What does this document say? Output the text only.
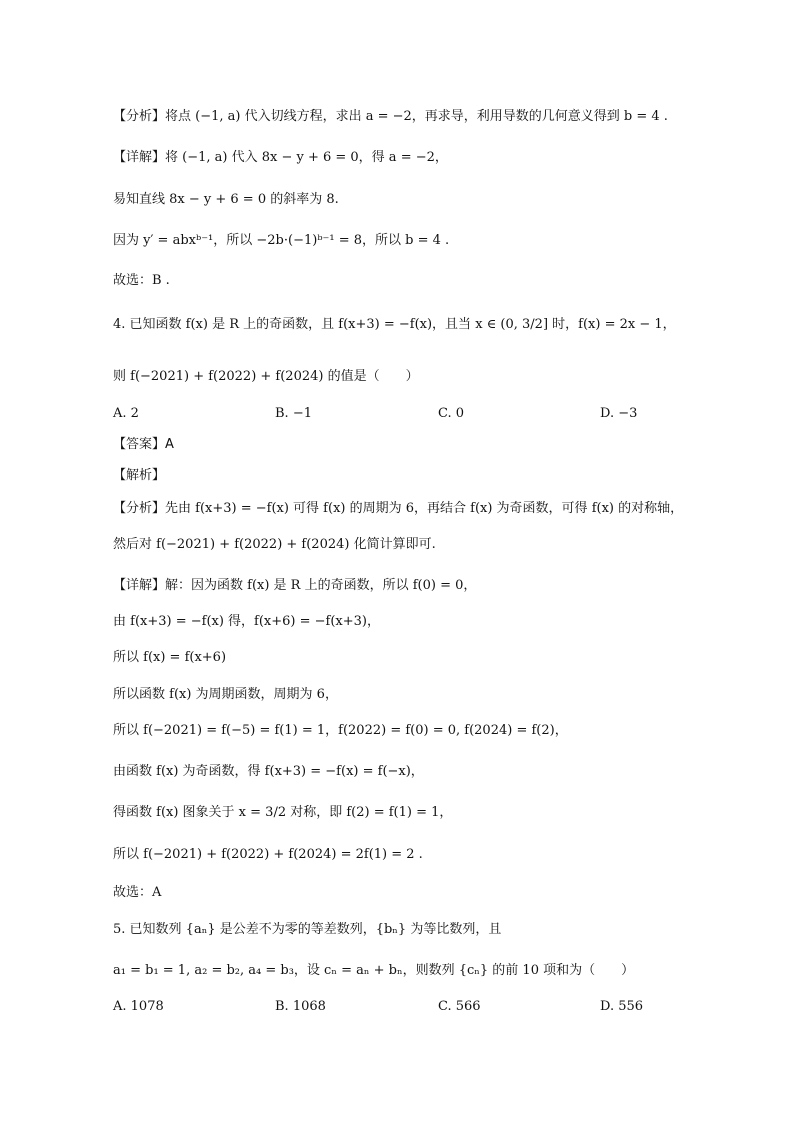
【分析】将点 (−1, a) 代入切线方程，求出 a = −2，再求导，利用导数的几何意义得到 b = 4 .
【详解】将 (−1, a) 代入 8x − y + 6 = 0，得 a = −2，
易知直线 8x − y + 6 = 0 的斜率为 8.
因为 y′ = abxᵇ⁻¹，所以 −2b·(−1)ᵇ⁻¹ = 8，所以 b = 4 .
故选：B .
4. 已知函数 f(x) 是 R 上的奇函数，且 f(x+3) = −f(x)，且当 x ∈ (0, 3/2] 时，f(x) = 2x − 1，
则 f(−2021) + f(2022) + f(2024) 的值是（　　）
A. 2	B. −1	C. 0	D. −3
【答案】A
【解析】
【分析】先由 f(x+3) = −f(x) 可得 f(x) 的周期为 6，再结合 f(x) 为奇函数，可得 f(x) 的对称轴，
然后对 f(−2021) + f(2022) + f(2024) 化简计算即可.
【详解】解：因为函数 f(x) 是 R 上的奇函数，所以 f(0) = 0，
由 f(x+3) = −f(x) 得，f(x+6) = −f(x+3)，
所以 f(x) = f(x+6)
所以函数 f(x) 为周期函数，周期为 6，
所以 f(−2021) = f(−5) = f(1) = 1，f(2022) = f(0) = 0, f(2024) = f(2)，
由函数 f(x) 为奇函数，得 f(x+3) = −f(x) = f(−x)，
得函数 f(x) 图象关于 x = 3/2 对称，即 f(2) = f(1) = 1，
所以 f(−2021) + f(2022) + f(2024) = 2f(1) = 2 .
故选：A
5. 已知数列 {aₙ} 是公差不为零的等差数列，{bₙ} 为等比数列，且
a₁ = b₁ = 1, a₂ = b₂, a₄ = b₃，设 cₙ = aₙ + bₙ，则数列 {cₙ} 的前 10 项和为（　　）
A. 1078	B. 1068	C. 566	D. 556
